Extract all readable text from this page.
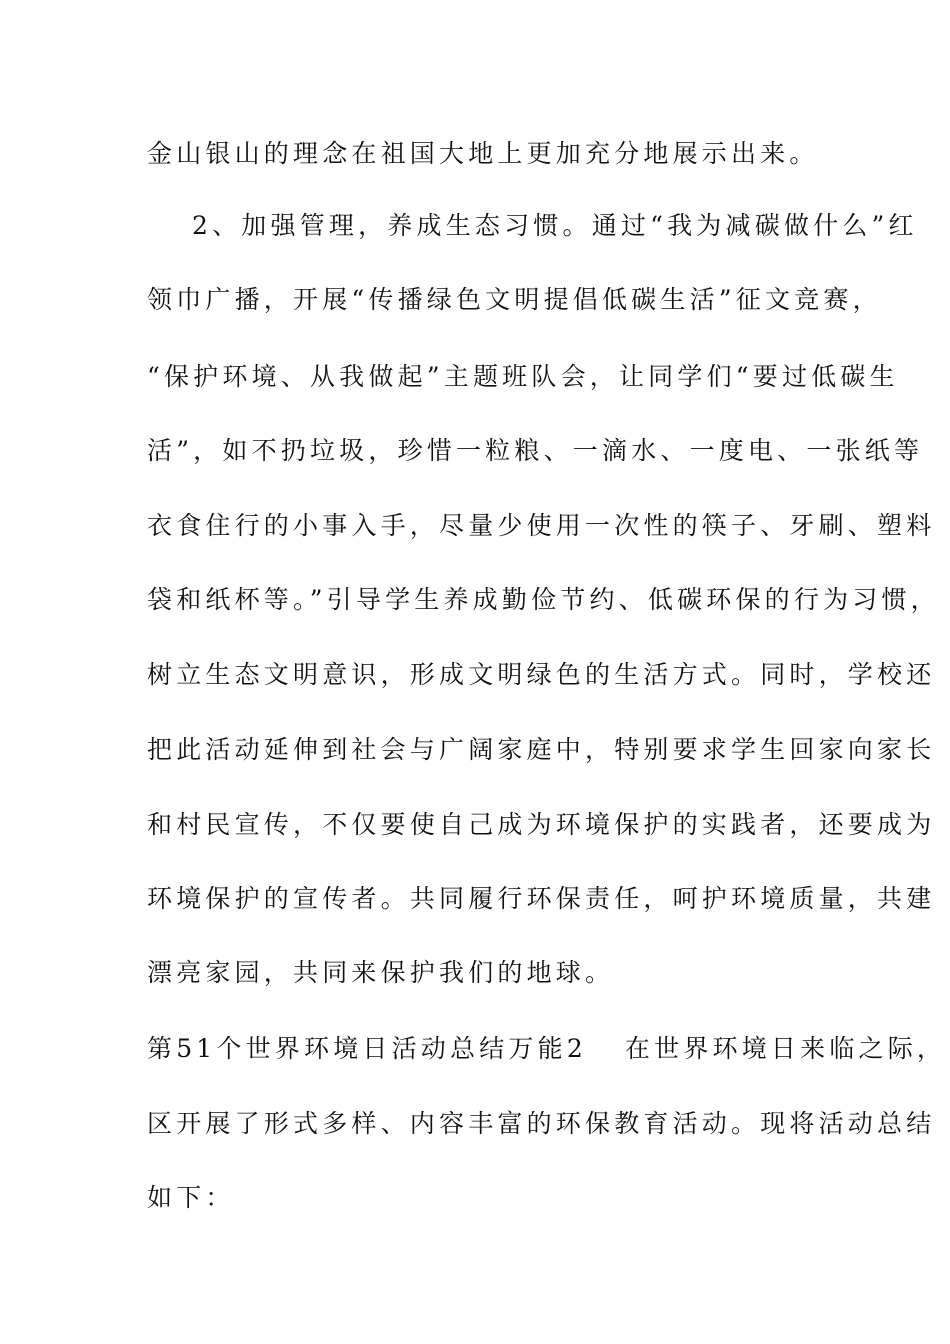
金山银山的理念在祖国大地上更加充分地展示出来。
2、加强管理，养成生态习惯。通过“我为减碳做什么”红
领巾广播，开展“传播绿色文明提倡低碳生活”征文竞赛，
“保护环境、从我做起”主题班队会，让同学们“要过低碳生
活”，如不扔垃圾，珍惜一粒粮、一滴水、一度电、一张纸等
衣食住行的小事入手，尽量少使用一次性的筷子、牙刷、塑料
袋和纸杯等。”引导学生养成勤俭节约、低碳环保的行为习惯，
树立生态文明意识，形成文明绿色的生活方式。同时，学校还
把此活动延伸到社会与广阔家庭中，特别要求学生回家向家长
和村民宣传，不仅要使自己成为环境保护的实践者，还要成为
环境保护的宣传者。共同履行环保责任，呵护环境质量，共建
漂亮家园，共同来保护我们的地球。
第51个世界环境日活动总结万能2 在世界环境日来临之际，
区开展了形式多样、内容丰富的环保教育活动。现将活动总结
如下：
